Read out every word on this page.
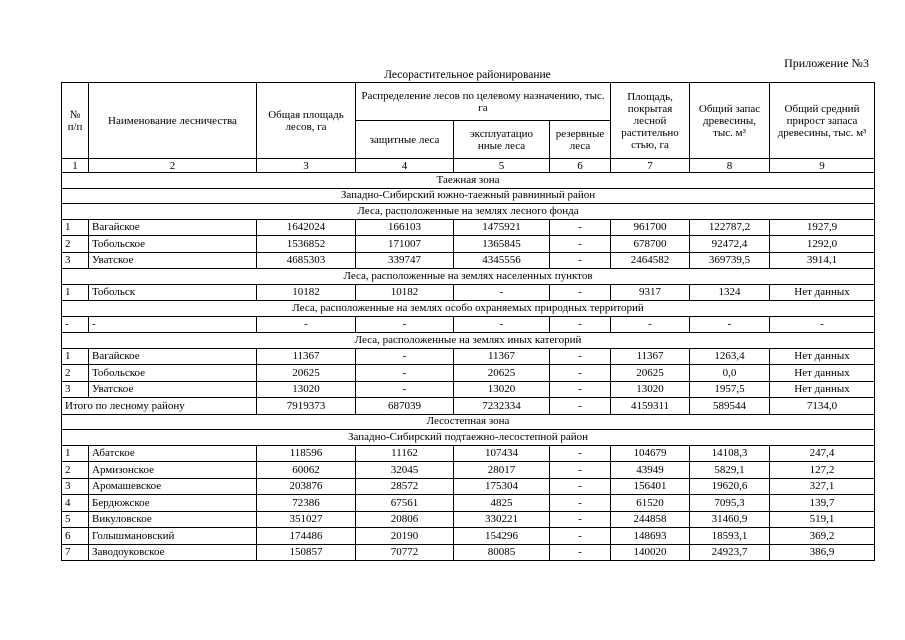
Приложение №3
Лесорастительное районирование
№ п/п	Наименование лесничества	Общая площадь лесов, га	Распределение лесов по целевому назначению, тыс. га			Площадь, покрытая лесной растительно стью, га	Общий запас древесины, тыс. м³	Общий средний прирост запаса древесины, тыс. м³
			защитные леса	эксплуатацио нные леса	резервные леса			
1	2	3	4	5	6	7	8	9
Таежная зона								
Западно-Сибирский южно-таежный равнинный район								
Леса, расположенные на землях лесного фонда								
1	Вагайское	1642024	166103	1475921	-	961700	122787,2	1927,9
2	Тобольское	1536852	171007	1365845	-	678700	92472,4	1292,0
3	Уватское	4685303	339747	4345556	-	2464582	369739,5	3914,1
Леса, расположенные на землях населенных пунктов								
1	Тобольск	10182	10182	-	-	9317	1324	Нет данных
Леса, расположенные на землях особо охраняемых природных территорий								
-	-	-	-	-	-	-	-	-
Леса, расположенные на землях иных категорий								
1	Вагайское	11367	-	11367	-	11367	1263,4	Нет данных
2	Тобольское	20625	-	20625	-	20625	0,0	Нет данных
3	Уватское	13020	-	13020	-	13020	1957,5	Нет данных
Итого по лесному району		7919373	687039	7232334	-	4159311	589544	7134,0
Лесостепная зона								
Западно-Сибирский подтаежно-лесостепной район								
1	Абатское	118596	11162	107434	-	104679	14108,3	247,4
2	Армизонское	60062	32045	28017	-	43949	5829,1	127,2
3	Аромашевское	203876	28572	175304	-	156401	19620,6	327,1
4	Бердюжское	72386	67561	4825	-	61520	7095,3	139,7
5	Викуловское	351027	20806	330221	-	244858	31460,9	519,1
6	Голышмановский	174486	20190	154296	-	148693	18593,1	369,2
7	Заводоуковское	150857	70772	80085	-	140020	24923,7	386,9
